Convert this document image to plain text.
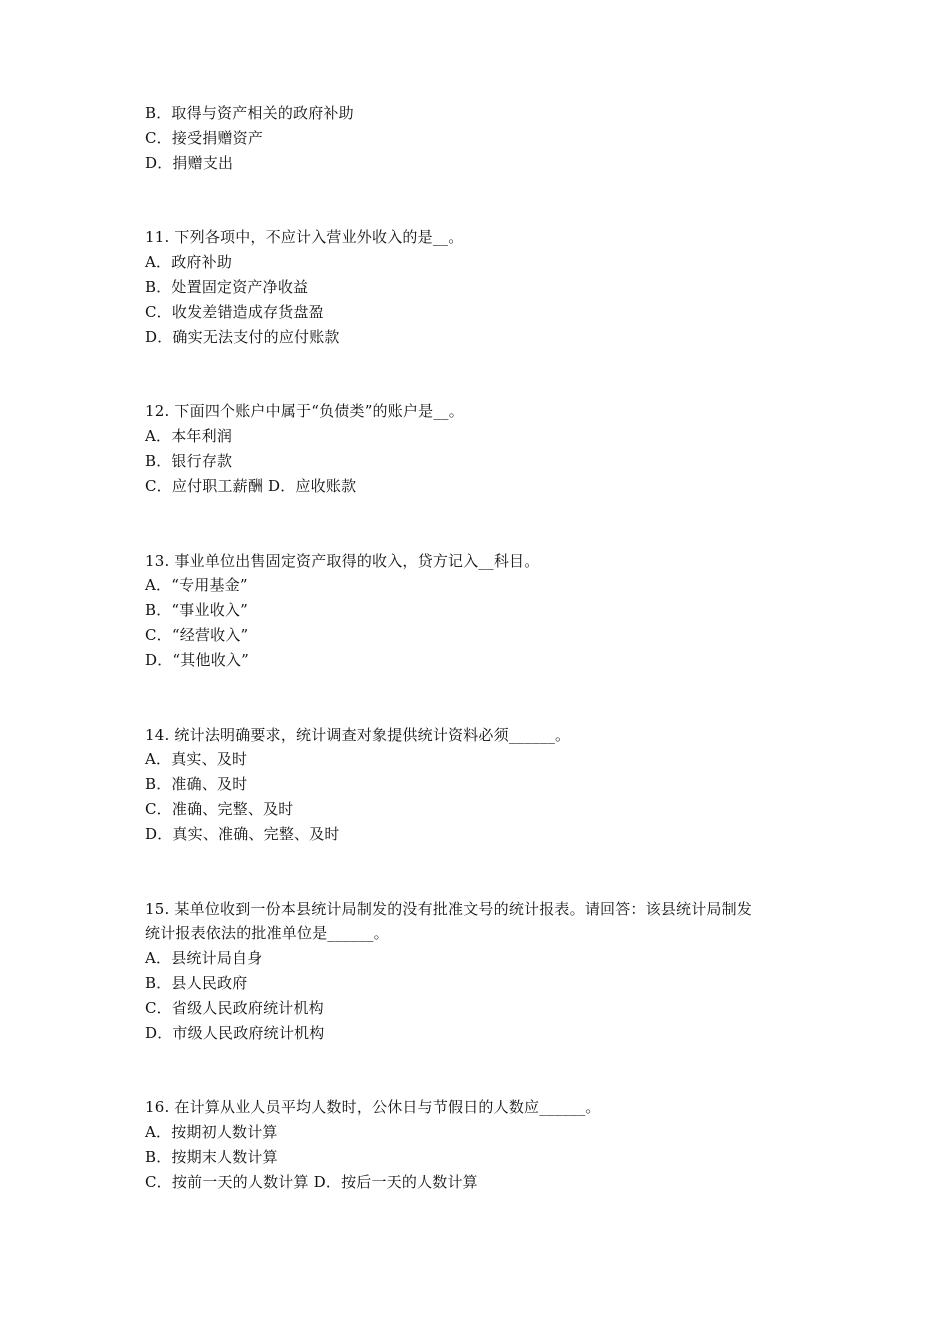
B．取得与资产相关的政府补助
C．接受捐赠资产
D．捐赠支出
11. 下列各项中，不应计入营业外收入的是__。
A．政府补助
B．处置固定资产净收益
C．收发差错造成存货盘盈
D．确实无法支付的应付账款
12. 下面四个账户中属于“负债类”的账户是__。
A．本年利润
B．银行存款
C．应付职工薪酬 D．应收账款
13. 事业单位出售固定资产取得的收入，贷方记入__科目。
A．“专用基金”
B．“事业收入”
C．“经营收入”
D．“其他收入”
14. 统计法明确要求，统计调查对象提供统计资料必须______。
A．真实、及时
B．准确、及时
C．准确、完整、及时
D．真实、准确、完整、及时
15. 某单位收到一份本县统计局制发的没有批准文号的统计报表。请回答：该县统计局制发
统计报表依法的批准单位是______。
A．县统计局自身
B．县人民政府
C．省级人民政府统计机构
D．市级人民政府统计机构
16. 在计算从业人员平均人数时，公休日与节假日的人数应______。
A．按期初人数计算
B．按期末人数计算
C．按前一天的人数计算 D．按后一天的人数计算
